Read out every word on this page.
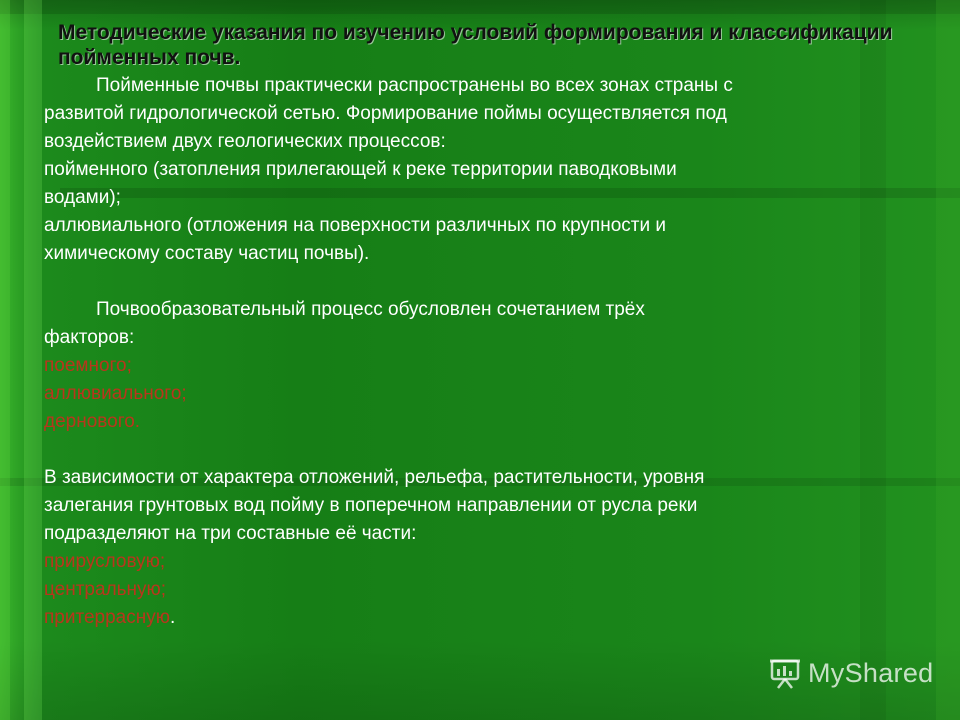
Методические указания по изучению условий формирования и классификации пойменных почв.

Пойменные почвы практически распространены во всех зонах страны с

развитой гидрологической сетью. Формирование поймы осуществляется под

воздействием двух геологических процессов:

пойменного (затопления прилегающей к реке территории паводковыми

водами);

аллювиального (отложения на поверхности различных по крупности и

химическому составу частиц почвы).

Почвообразовательный процесс обусловлен сочетанием трёх

факторов:

поемного;

аллювиального;

дернового.

В зависимости от характера отложений, рельефа, растительности, уровня

залегания грунтовых вод пойму в поперечном направлении от русла реки

подразделяют на три составные её части:

прирусловую;

центральную;

притеррасную.

MyShared
